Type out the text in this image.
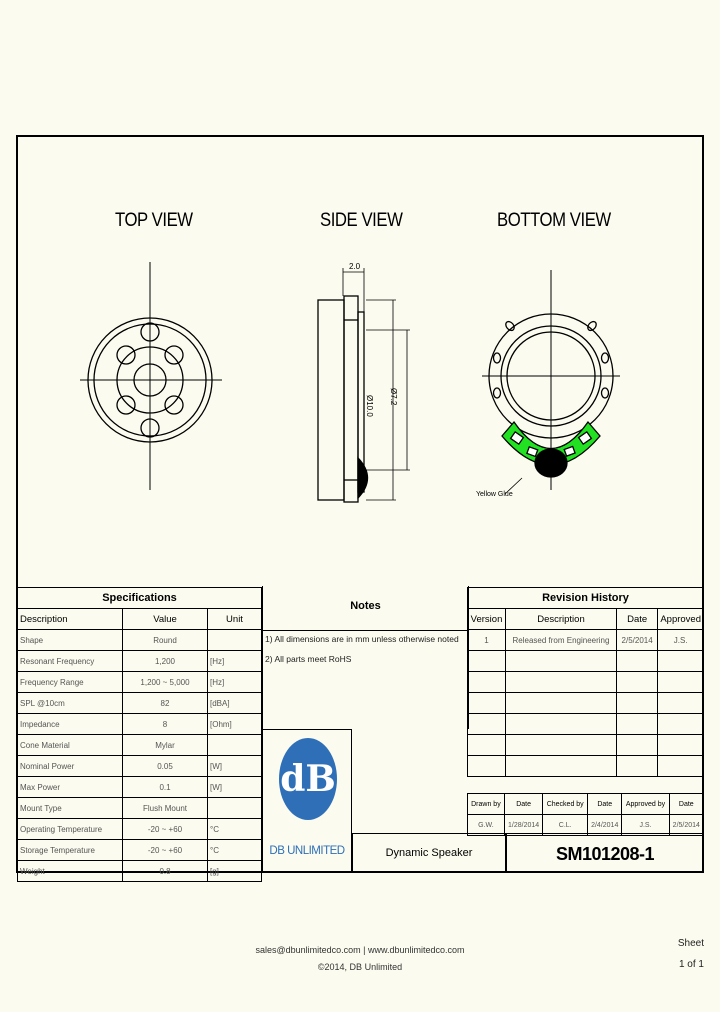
TOP VIEW	SIDE VIEW	BOTTOM VIEW
2.0
Ø10.0 Ø7.2
Yellow Glue
Specifications		
Description	Value	Unit
Shape	Round	
Resonant Frequency	1,200	[Hz]
Frequency Range	1,200 ~ 5,000	[Hz]
SPL @10cm	82	[dBA]
Impedance	8	[Ohm]
Cone Material	Mylar	
Nominal Power	0.05	[W]
Max Power	0.1	[W]
Mount Type	Flush Mount	
Operating Temperature	-20 ~ +60	°C
Storage Temperature	-20 ~ +60	°C
Weight	0.8	[g]
Notes
1) All dimensions are in mm unless otherwise noted
2) All parts meet RoHS
Revision History			
Version	Description	Date	Approved
1	Released from Engineering	2/5/2014	J.S.

Drawn by	Date	Checked by	Date	Approved by	Date
G.W.	1/28/2014	C.L.	2/4/2014	J.S.	2/5/2014
dB
DB UNLIMITED	Dynamic Speaker	SM101208-1
sales@dbunlimitedco.com | www.dbunlimitedco.com
©2014, DB Unlimited
Sheet
1 of 1
